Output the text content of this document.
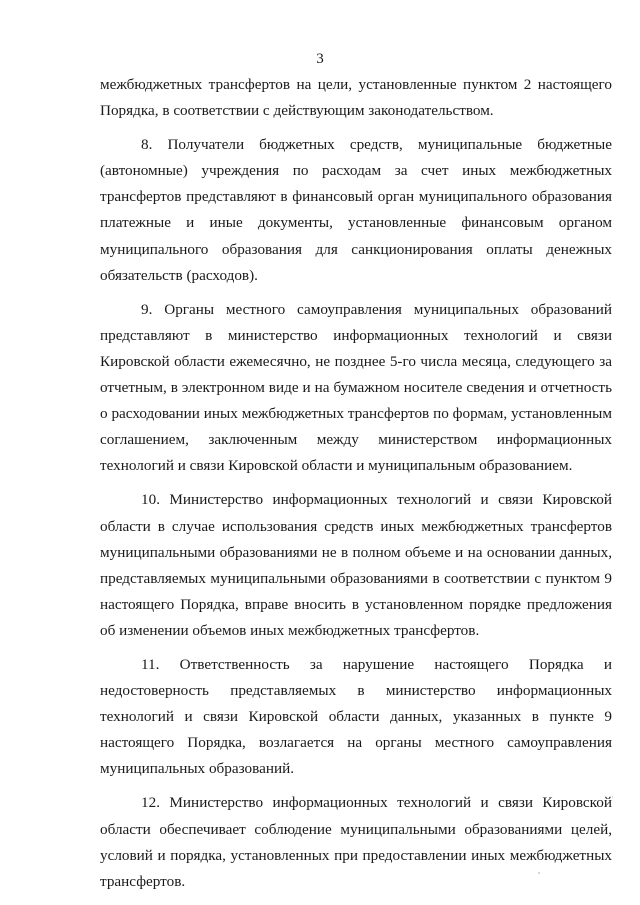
3

межбюджетных трансфертов на цели, установленные пунктом 2 настоящего Порядка, в соответствии с действующим законодательством.

8. Получатели бюджетных средств, муниципальные бюджетные (автономные) учреждения по расходам за счет иных межбюджетных трансфертов представляют в финансовый орган муниципального образования платежные и иные документы, установленные финансовым органом муниципального образования для санкционирования оплаты денежных обязательств (расходов).

9. Органы местного самоуправления муниципальных образований представляют в министерство информационных технологий и связи Кировской области ежемесячно, не позднее 5-го числа месяца, следующего за отчетным, в электронном виде и на бумажном носителе сведения и отчетность о расходовании иных межбюджетных трансфертов по формам, установленным соглашением, заключенным между министерством информационных технологий и связи Кировской области и муниципальным образованием.

10. Министерство информационных технологий и связи Кировской области в случае использования средств иных межбюджетных трансфертов муниципальными образованиями не в полном объеме и на основании данных, представляемых муниципальными образованиями в соответствии с пунктом 9 настоящего Порядка, вправе вносить в установленном порядке предложения об изменении объемов иных межбюджетных трансфертов.

11. Ответственность за нарушение настоящего Порядка и недостоверность представляемых в министерство информационных технологий и связи Кировской области данных, указанных в пункте 9 настоящего Порядка, возлагается на органы местного самоуправления муниципальных образований.

12. Министерство информационных технологий и связи Кировской области обеспечивает соблюдение муниципальными образованиями целей, условий и порядка, установленных при предоставлении иных межбюджетных трансфертов.
